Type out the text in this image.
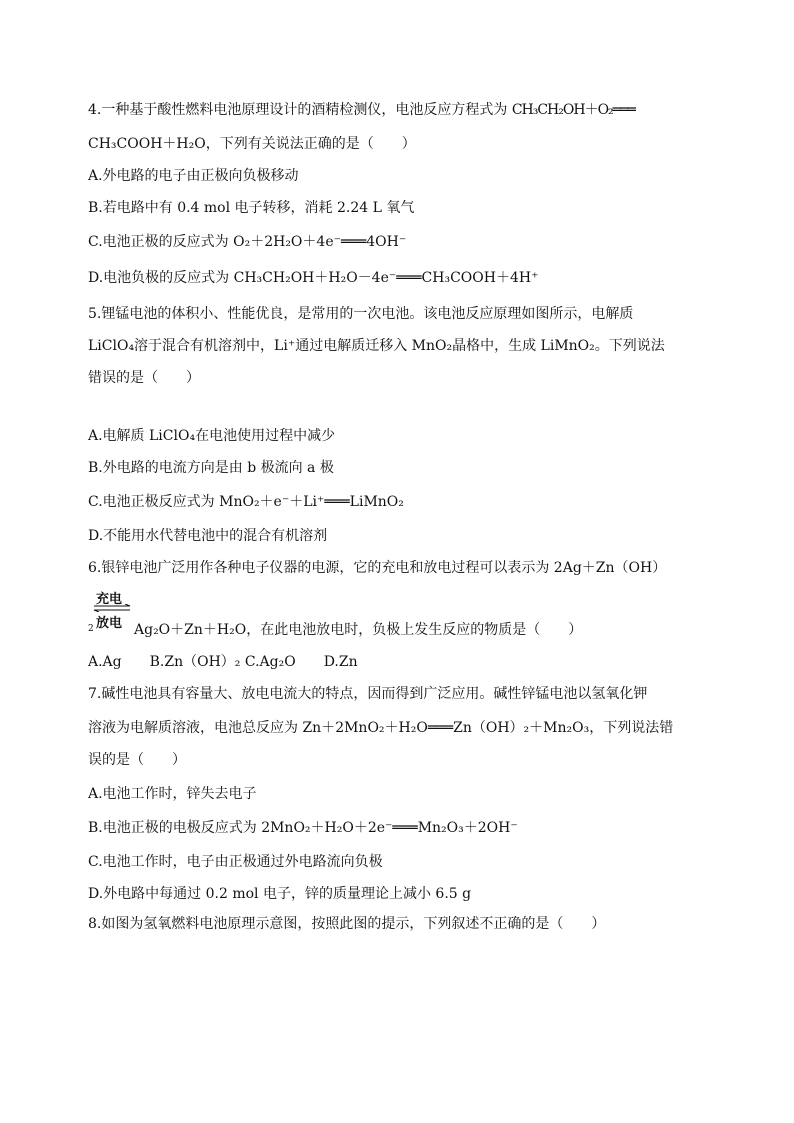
4.一种基于酸性燃料电池原理设计的酒精检测仪，电池反应方程式为 CH₃CH₂OH＋O₂═══
CH₃COOH＋H₂O，下列有关说法正确的是（　　）
A.外电路的电子由正极向负极移动
B.若电路中有 0.4 mol 电子转移，消耗 2.24 L 氧气
C.电池正极的反应式为 O₂＋2H₂O＋4e⁻═══4OH⁻
D.电池负极的反应式为 CH₃CH₂OH＋H₂O－4e⁻═══CH₃COOH＋4H⁺
5.锂锰电池的体积小、性能优良，是常用的一次电池。该电池反应原理如图所示，电解质
LiClO₄溶于混合有机溶剂中，Li⁺通过电解质迁移入 MnO₂晶格中，生成 LiMnO₂。下列说法
错误的是（　　）
A.电解质 LiClO₄在电池使用过程中减少
B.外电路的电流方向是由 b 极流向 a 极
C.电池正极反应式为 MnO₂＋e⁻＋Li⁺═══LiMnO₂
D.不能用水代替电池中的混合有机溶剂
6.银锌电池广泛用作各种电子仪器的电源，它的充电和放电过程可以表示为 2Ag＋Zn（OH）
充电
放电 Ag₂O＋Zn＋H₂O，在此电池放电时，负极上发生反应的物质是（　　）
2
A.Ag　　B.Zn（OH）₂ C.Ag₂O　　D.Zn
7.碱性电池具有容量大、放电电流大的特点，因而得到广泛应用。碱性锌锰电池以氢氧化钾
溶液为电解质溶液，电池总反应为 Zn＋2MnO₂＋H₂O═══Zn（OH）₂＋Mn₂O₃，下列说法错
误的是（　　）
A.电池工作时，锌失去电子
B.电池正极的电极反应式为 2MnO₂＋H₂O＋2e⁻═══Mn₂O₃＋2OH⁻
C.电池工作时，电子由正极通过外电路流向负极
D.外电路中每通过 0.2 mol 电子，锌的质量理论上减小 6.5 g
8.如图为氢氧燃料电池原理示意图，按照此图的提示，下列叙述不正确的是（　　）
